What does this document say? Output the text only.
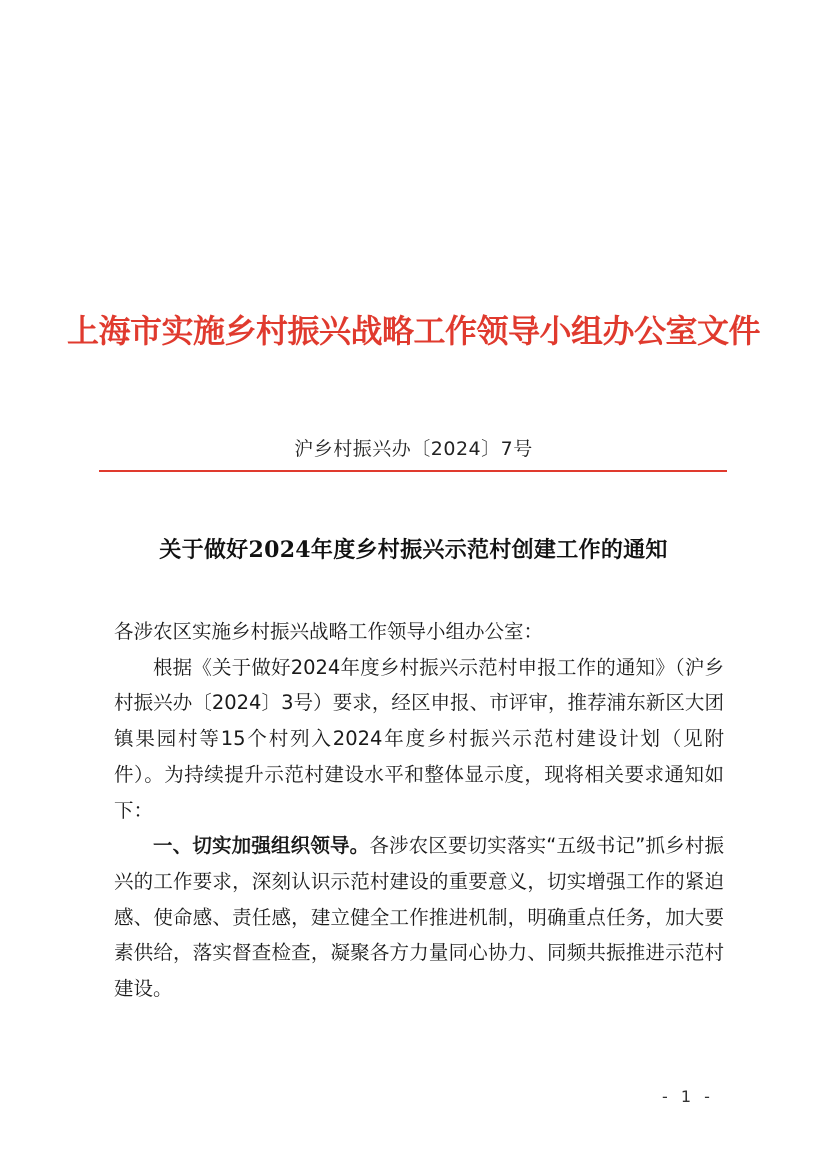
上海市实施乡村振兴战略工作领导小组办公室文件
沪乡村振兴办〔2024〕7号
关于做好2024年度乡村振兴示范村创建工作的通知

各涉农区实施乡村振兴战略工作领导小组办公室：

根据《关于做好2024年度乡村振兴示范村申报工作的通知》（沪乡村振兴办〔2024〕3号）要求，经区申报、市评审，推荐浦东新区大团镇果园村等15个村列入2024年度乡村振兴示范村建设计划（见附件）。为持续提升示范村建设水平和整体显示度，现将相关要求通知如下：

一、切实加强组织领导。各涉农区要切实落实“五级书记”抓乡村振兴的工作要求，深刻认识示范村建设的重要意义，切实增强工作的紧迫感、使命感、责任感，建立健全工作推进机制，明确重点任务，加大要素供给，落实督查检查，凝聚各方力量同心协力、同频共振推进示范村建设。

- 1 -
